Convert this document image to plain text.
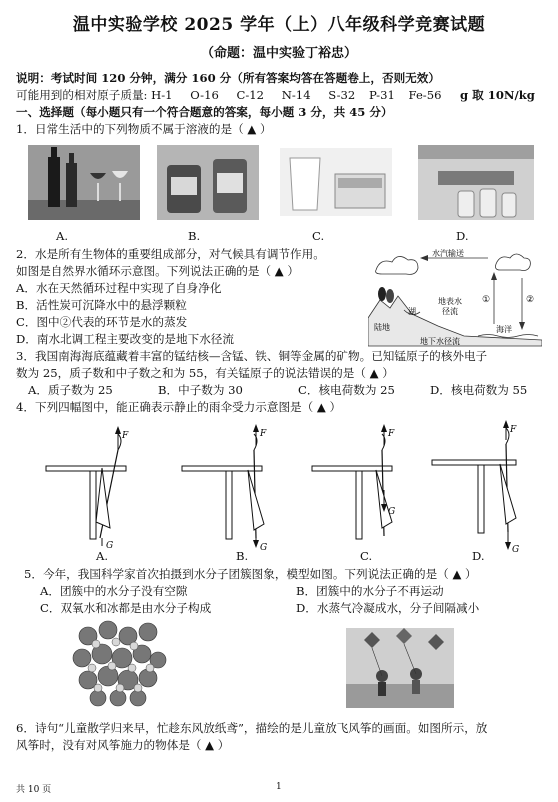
温中实验学校 2025 学年（上）八年级科学竞赛试题
（命题：温中实验丁裕忠）
说明：考试时间 120 分钟，满分 160 分（所有答案均答在答题卷上，否则无效）
可能用到的相对原子质量: H-1 O-16 C-12 N-14 S-32 P-31 Fe-56 g 取 10N/kg
一、选择题（每小题只有一个符合题意的答案，每小题 3 分，共 45 分）
1．日常生活中的下列物质不属于溶液的是（ ▲ ）
A.	B.	C.	D.
2．水是所有生物体的重要组成部分，对气候具有调节作用。
如图是自然界水循环示意图。下列说法正确的是（ ▲ ）
A．水在天然循环过程中实现了自身净化
B．活性炭可沉降水中的悬浮颗粒
C．图中②代表的环节是水的蒸发
D．南水北调工程主要改变的是地下水径流
水汽输送
湖
陆地
地表水
径流
地下水径流
海洋
①	②
3．我国南海海底蕴藏着丰富的锰结核—含锰、铁、铜等金属的矿物。已知锰原子的核外电子
数为 25，质子数和中子数之和为 55，有关锰原子的说法错误的是（ ▲ ）
A．质子数为 25	B．中子数为 30	C．核电荷数为 25	D．核电荷数为 55
4．下列四幅图中，能正确表示静止的雨伞受力示意图是（ ▲ ）
F
G
A.
F
G
B.
F
G
C.
F
G
D.
5．今年，我国科学家首次拍摄到水分子团簇图象，模型如图。下列说法正确的是（ ▲ ）
A．团簇中的水分子没有空隙	B．团簇中的水分子不再运动
C．双氧水和冰都是由水分子构成	D．水蒸气冷凝成水，分子间隔减小
6．诗句“儿童散学归来早，忙趁东风放纸鸢”，描绘的是儿童放飞风筝的画面。如图所示，放
风筝时，没有对风筝施力的物体是（ ▲ ）
共 10 页	1
